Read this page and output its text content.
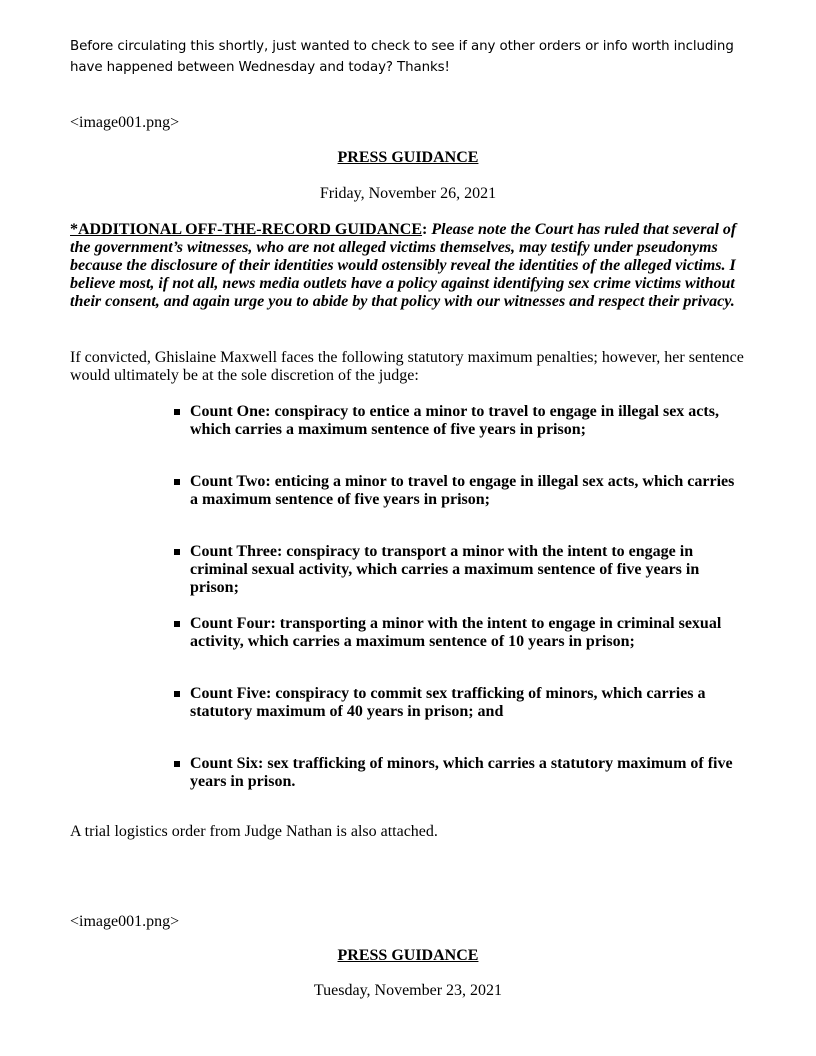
Before circulating this shortly, just wanted to check to see if any other orders or info worth including have happened between Wednesday and today? Thanks!
<image001.png>
PRESS GUIDANCE
Friday, November 26, 2021
*ADDITIONAL OFF-THE-RECORD GUIDANCE: Please note the Court has ruled that several of the government’s witnesses, who are not alleged victims themselves, may testify under pseudonyms because the disclosure of their identities would ostensibly reveal the identities of the alleged victims. I believe most, if not all, news media outlets have a policy against identifying sex crime victims without their consent, and again urge you to abide by that policy with our witnesses and respect their privacy.
If convicted, Ghislaine Maxwell faces the following statutory maximum penalties; however, her sentence would ultimately be at the sole discretion of the judge:
Count One: conspiracy to entice a minor to travel to engage in illegal sex acts, which carries a maximum sentence of five years in prison;
Count Two: enticing a minor to travel to engage in illegal sex acts, which carries a maximum sentence of five years in prison;
Count Three: conspiracy to transport a minor with the intent to engage in criminal sexual activity, which carries a maximum sentence of five years in prison;
Count Four: transporting a minor with the intent to engage in criminal sexual activity, which carries a maximum sentence of 10 years in prison;
Count Five: conspiracy to commit sex trafficking of minors, which carries a statutory maximum of 40 years in prison; and
Count Six: sex trafficking of minors, which carries a statutory maximum of five years in prison.
A trial logistics order from Judge Nathan is also attached.
<image001.png>
PRESS GUIDANCE
Tuesday, November 23, 2021
